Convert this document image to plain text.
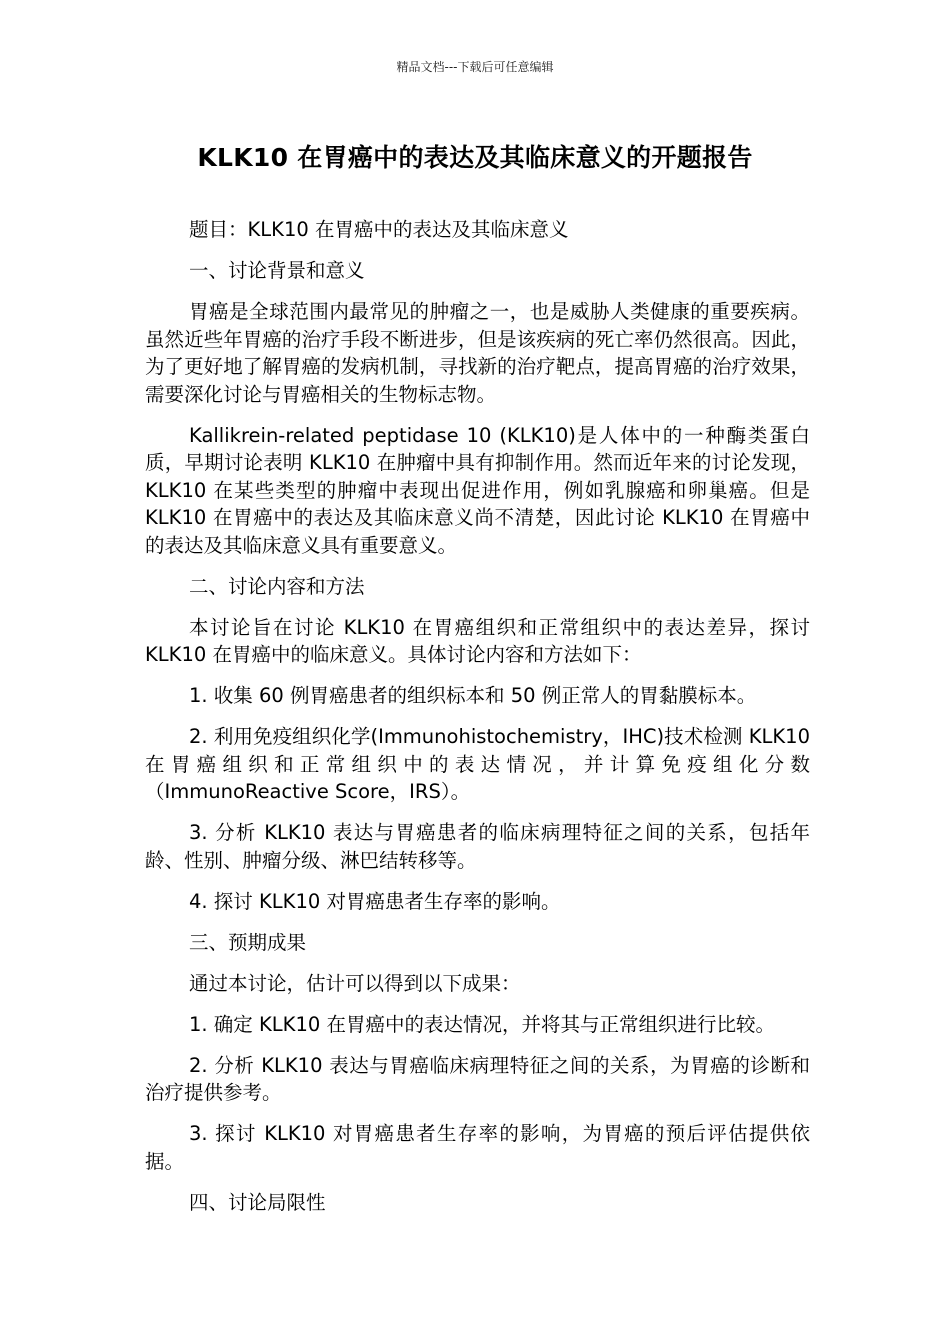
精品文档---下载后可任意编辑
KLK10 在胃癌中的表达及其临床意义的开题报告

题目：KLK10 在胃癌中的表达及其临床意义

一、讨论背景和意义

胃癌是全球范围内最常见的肿瘤之一，也是威胁人类健康的重要疾病。虽然近些年胃癌的治疗手段不断进步，但是该疾病的死亡率仍然很高。因此，为了更好地了解胃癌的发病机制，寻找新的治疗靶点，提高胃癌的治疗效果，需要深化讨论与胃癌相关的生物标志物。

Kallikrein-related peptidase 10 (KLK10)是人体中的一种酶类蛋白质，早期讨论表明 KLK10 在肿瘤中具有抑制作用。然而近年来的讨论发现，KLK10 在某些类型的肿瘤中表现出促进作用，例如乳腺癌和卵巢癌。但是 KLK10 在胃癌中的表达及其临床意义尚不清楚，因此讨论 KLK10 在胃癌中的表达及其临床意义具有重要意义。

二、讨论内容和方法

本讨论旨在讨论 KLK10 在胃癌组织和正常组织中的表达差异，探讨 KLK10 在胃癌中的临床意义。具体讨论内容和方法如下：

1. 收集 60 例胃癌患者的组织标本和 50 例正常人的胃黏膜标本。

2. 利用免疫组织化学(Immunohistochemistry，IHC)技术检测 KLK10 在胃癌组织和正常组织中的表达情况，并计算免疫组化分数（ImmunoReactive Score，IRS）。

3. 分析 KLK10 表达与胃癌患者的临床病理特征之间的关系，包括年龄、性别、肿瘤分级、淋巴结转移等。

4. 探讨 KLK10 对胃癌患者生存率的影响。

三、预期成果

通过本讨论，估计可以得到以下成果：

1. 确定 KLK10 在胃癌中的表达情况，并将其与正常组织进行比较。

2. 分析 KLK10 表达与胃癌临床病理特征之间的关系，为胃癌的诊断和治疗提供参考。

3. 探讨 KLK10 对胃癌患者生存率的影响，为胃癌的预后评估提供依据。

四、讨论局限性
